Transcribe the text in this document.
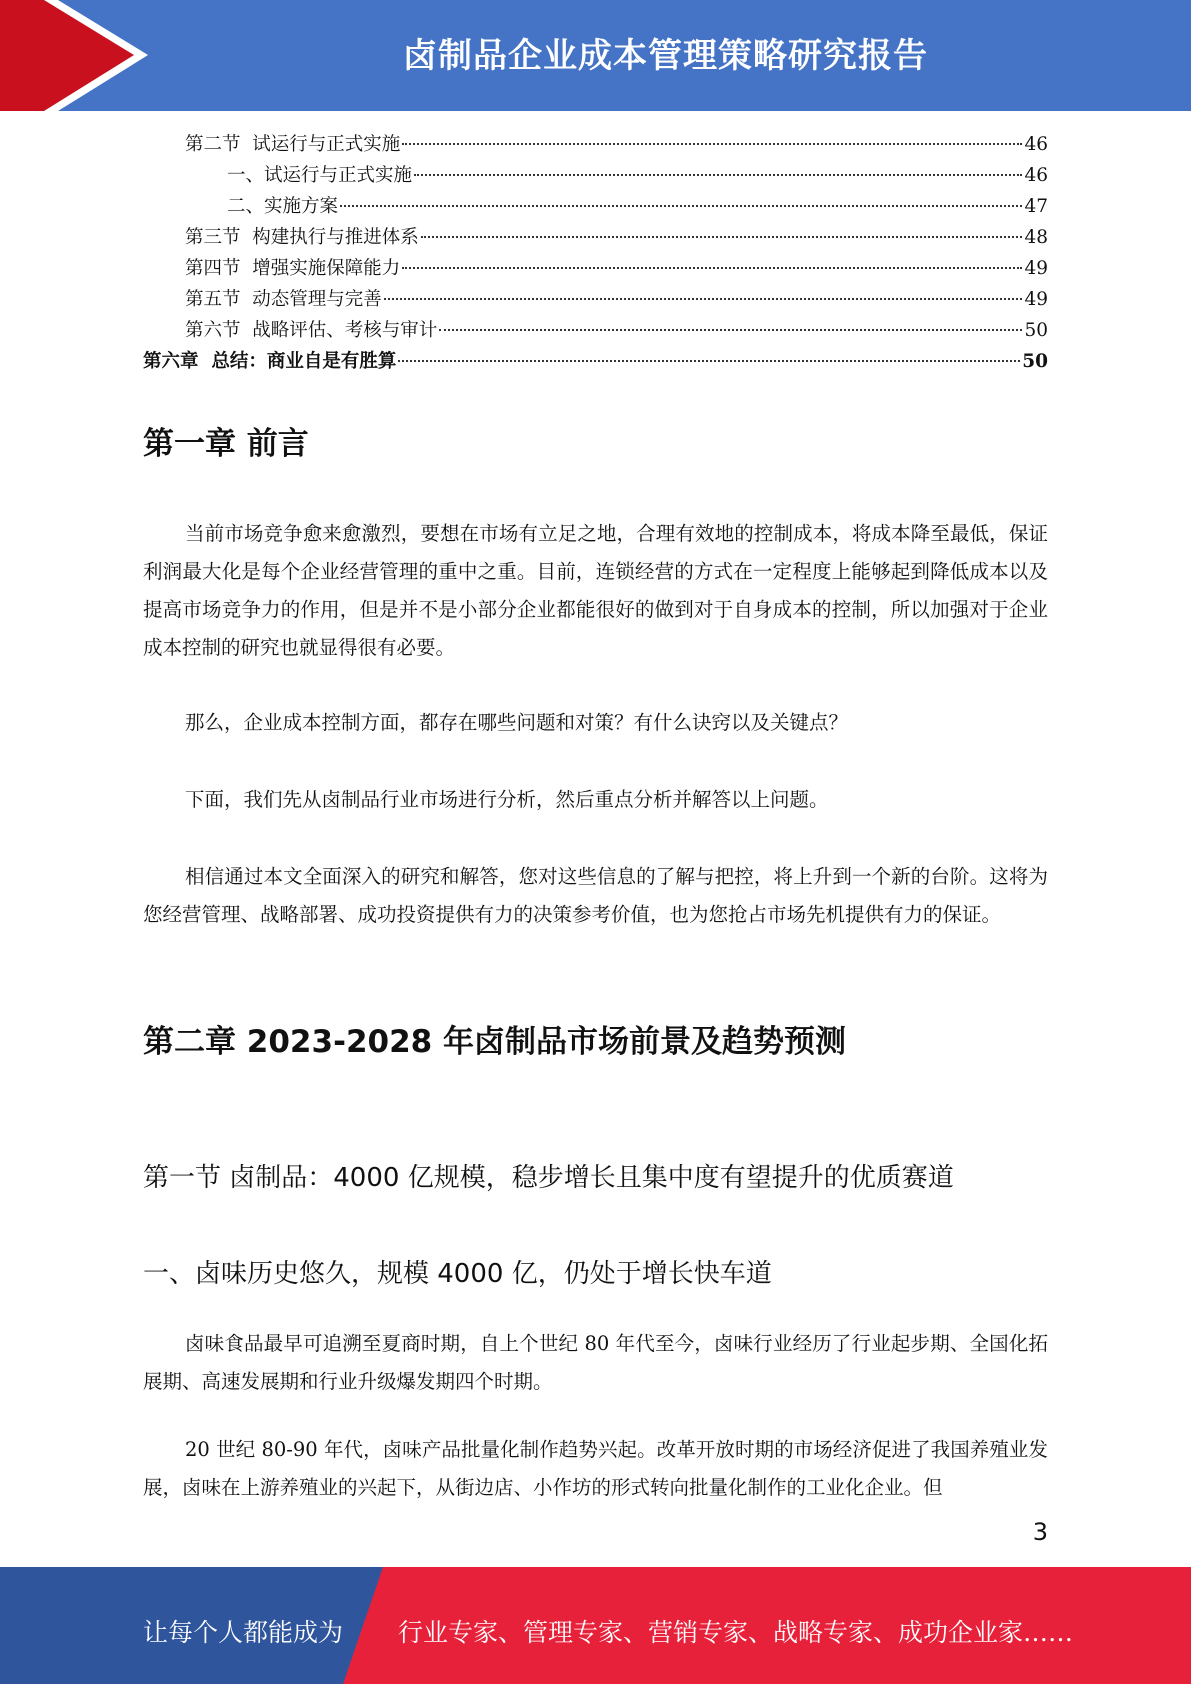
卤制品企业成本管理策略研究报告
第二节  试运行与正式实施	46
一、试运行与正式实施	46
二、实施方案	47
第三节  构建执行与推进体系	48
第四节  增强实施保障能力	49
第五节  动态管理与完善	49
第六节  战略评估、考核与审计	50
第六章  总结：商业自是有胜算	50
第一章 前言

当前市场竞争愈来愈激烈，要想在市场有立足之地，合理有效地的控制成本，将成本降至最低，保证利润最大化是每个企业经营管理的重中之重。目前，连锁经营的方式在一定程度上能够起到降低成本以及提高市场竞争力的作用，但是并不是小部分企业都能很好的做到对于自身成本的控制，所以加强对于企业成本控制的研究也就显得很有必要。

那么，企业成本控制方面，都存在哪些问题和对策？有什么诀窍以及关键点？

下面，我们先从卤制品行业市场进行分析，然后重点分析并解答以上问题。

相信通过本文全面深入的研究和解答，您对这些信息的了解与把控，将上升到一个新的台阶。这将为您经营管理、战略部署、成功投资提供有力的决策参考价值，也为您抢占市场先机提供有力的保证。

第二章 2023-2028 年卤制品市场前景及趋势预测
第一节 卤制品：4000 亿规模，稳步增长且集中度有望提升的优质赛道
一、卤味历史悠久，规模 4000 亿，仍处于增长快车道

卤味食品最早可追溯至夏商时期，自上个世纪 80 年代至今，卤味行业经历了行业起步期、全国化拓展期、高速发展期和行业升级爆发期四个时期。

20 世纪 80-90 年代，卤味产品批量化制作趋势兴起。改革开放时期的市场经济促进了我国养殖业发展，卤味在上游养殖业的兴起下，从街边店、小作坊的形式转向批量化制作的工业化企业。但

3
让每个人都能成为 行业专家、管理专家、营销专家、战略专家、成功企业家……
